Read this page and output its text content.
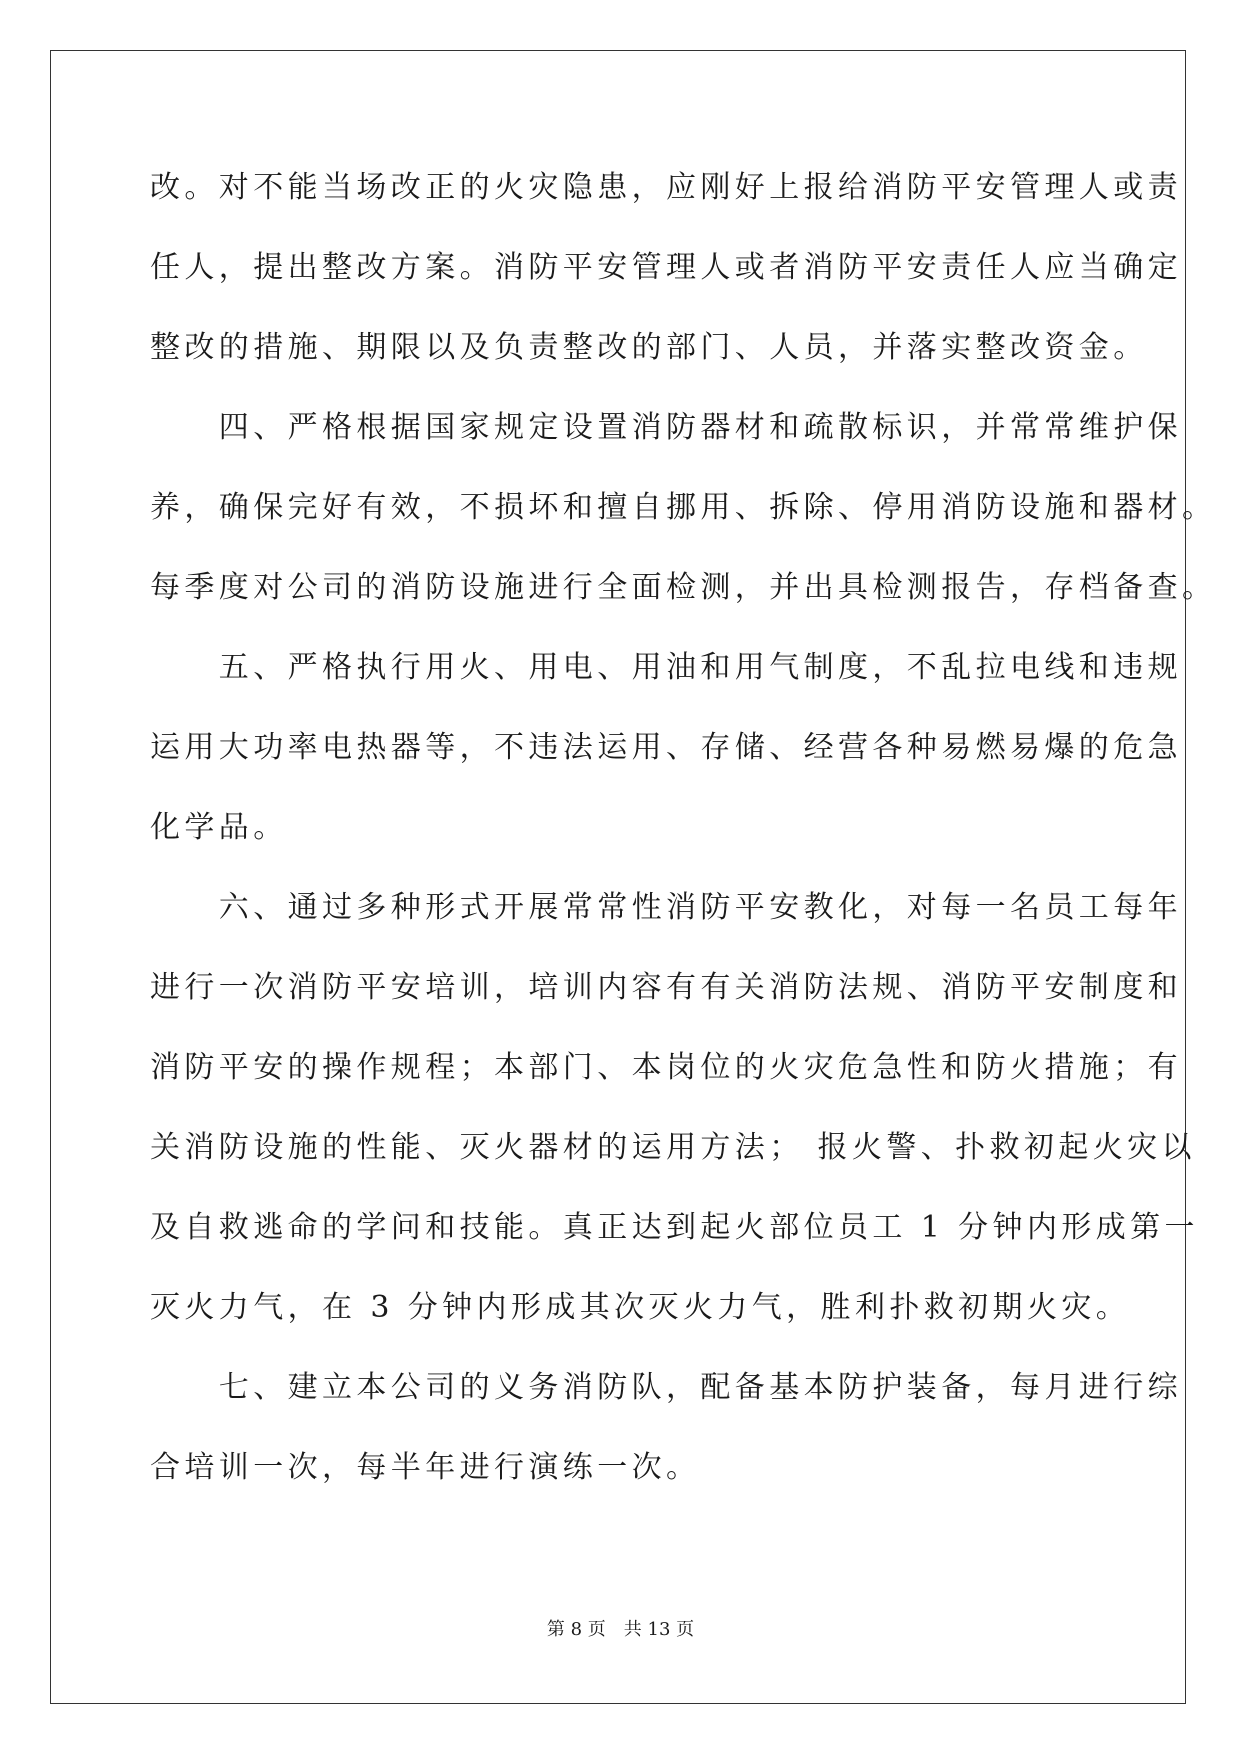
改。对不能当场改正的火灾隐患，应刚好上报给消防平安管理人或责
任人，提出整改方案。消防平安管理人或者消防平安责任人应当确定
整改的措施、期限以及负责整改的部门、人员，并落实整改资金。
　　四、严格根据国家规定设置消防器材和疏散标识，并常常维护保
养，确保完好有效，不损坏和擅自挪用、拆除、停用消防设施和器材。
每季度对公司的消防设施进行全面检测，并出具检测报告，存档备查。
　　五、严格执行用火、用电、用油和用气制度，不乱拉电线和违规
运用大功率电热器等，不违法运用、存储、经营各种易燃易爆的危急
化学品。
　　六、通过多种形式开展常常性消防平安教化，对每一名员工每年
进行一次消防平安培训，培训内容有有关消防法规、消防平安制度和
消防平安的操作规程；本部门、本岗位的火灾危急性和防火措施；有
关消防设施的性能、灭火器材的运用方法； 报火警、扑救初起火灾以
及自救逃命的学问和技能。真正达到起火部位员工 1 分钟内形成第一
灭火力气，在 3 分钟内形成其次灭火力气，胜利扑救初期火灾。
　　七、建立本公司的义务消防队，配备基本防护装备，每月进行综
合培训一次，每半年进行演练一次。
第 8 页　共 13 页
